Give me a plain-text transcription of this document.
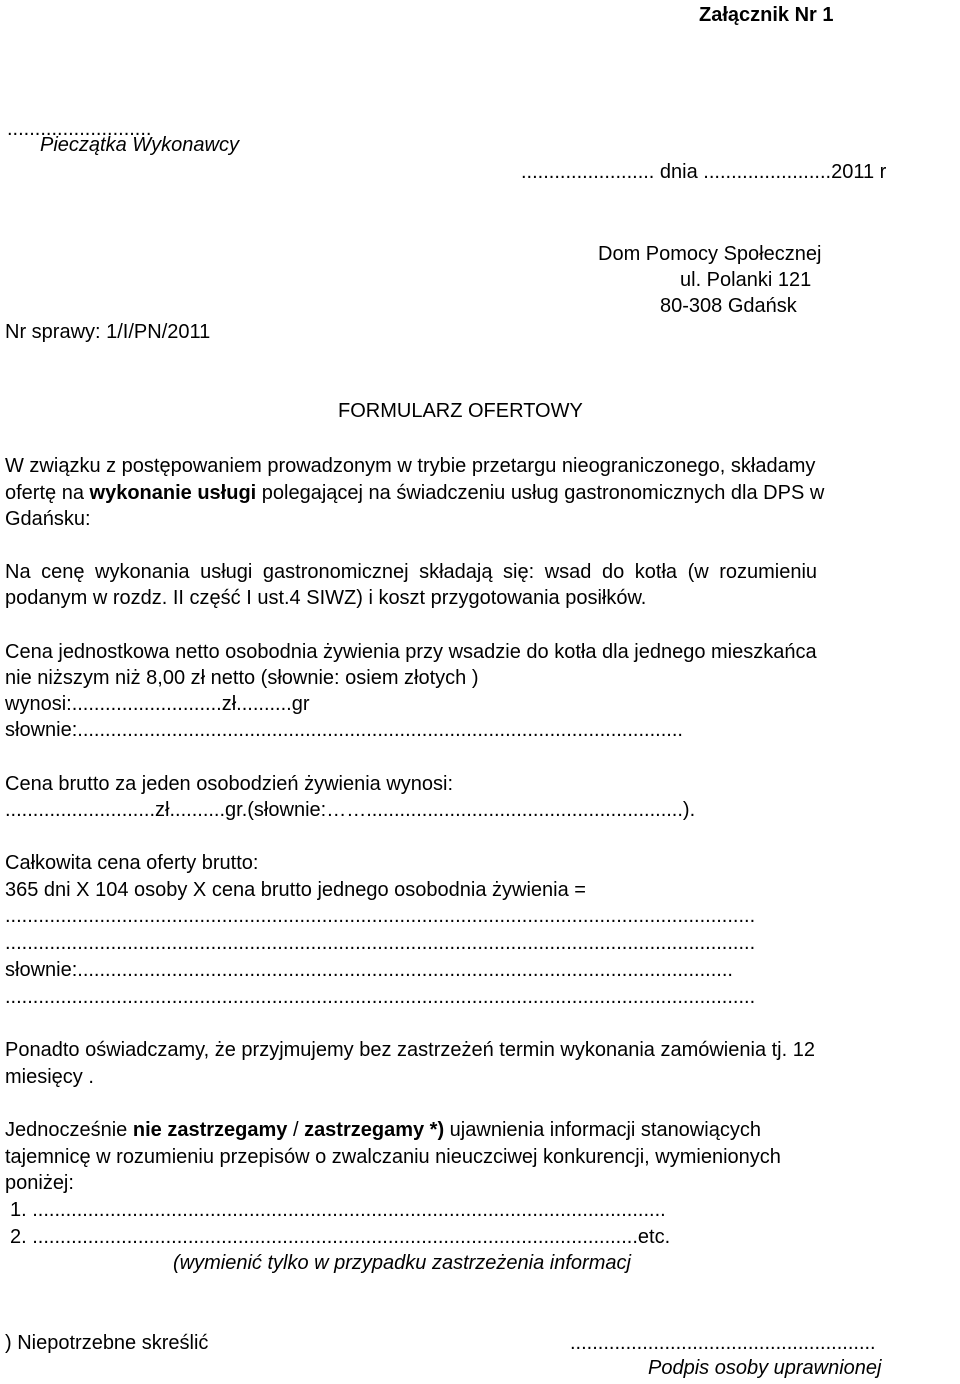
Załącznik Nr 1
..........................
Pieczątka Wykonawcy
........................ dnia .......................2011 r
Dom Pomocy Społecznej
ul. Polanki 121
80-308 Gdańsk
Nr sprawy: 1/I/PN/2011
FORMULARZ OFERTOWY
W związku z postępowaniem prowadzonym w trybie przetargu nieograniczonego, składamy
ofertę na wykonanie usługi polegającej na świadczeniu usług gastronomicznych dla DPS w
Gdańsku:
Na cenę wykonania usługi gastronomicznej składają się: wsad do kotła (w rozumieniu
podanym w rozdz. II część I ust.4 SIWZ) i koszt przygotowania posiłków.
Cena jednostkowa netto osobodnia żywienia przy wsadzie do kotła dla jednego mieszkańca
nie niższym niż 8,00 zł netto (słownie: osiem złotych )
wynosi:...........................zł..........gr
słownie:.............................................................................................................
Cena brutto za jeden osobodzień żywienia wynosi:
...........................zł..........gr.(słownie:…….........................................................).
Całkowita cena oferty brutto:
365 dni X 104 osoby X cena brutto jednego osobodnia żywienia =
.......................................................................................................................................
.......................................................................................................................................
słownie:......................................................................................................................
.......................................................................................................................................
Ponadto oświadczamy, że przyjmujemy bez zastrzeżeń termin wykonania zamówienia tj. 12
miesięcy .
Jednocześnie nie zastrzegamy / zastrzegamy *) ujawnienia informacji stanowiących
tajemnicę w rozumieniu przepisów o zwalczaniu nieuczciwej konkurencji, wymienionych
poniżej:
1. ..................................................................................................................
2. .............................................................................................................etc.
(wymienić tylko w przypadku zastrzeżenia informacj
) Niepotrzebne skreślić	.......................................................
Podpis osoby uprawnionej
